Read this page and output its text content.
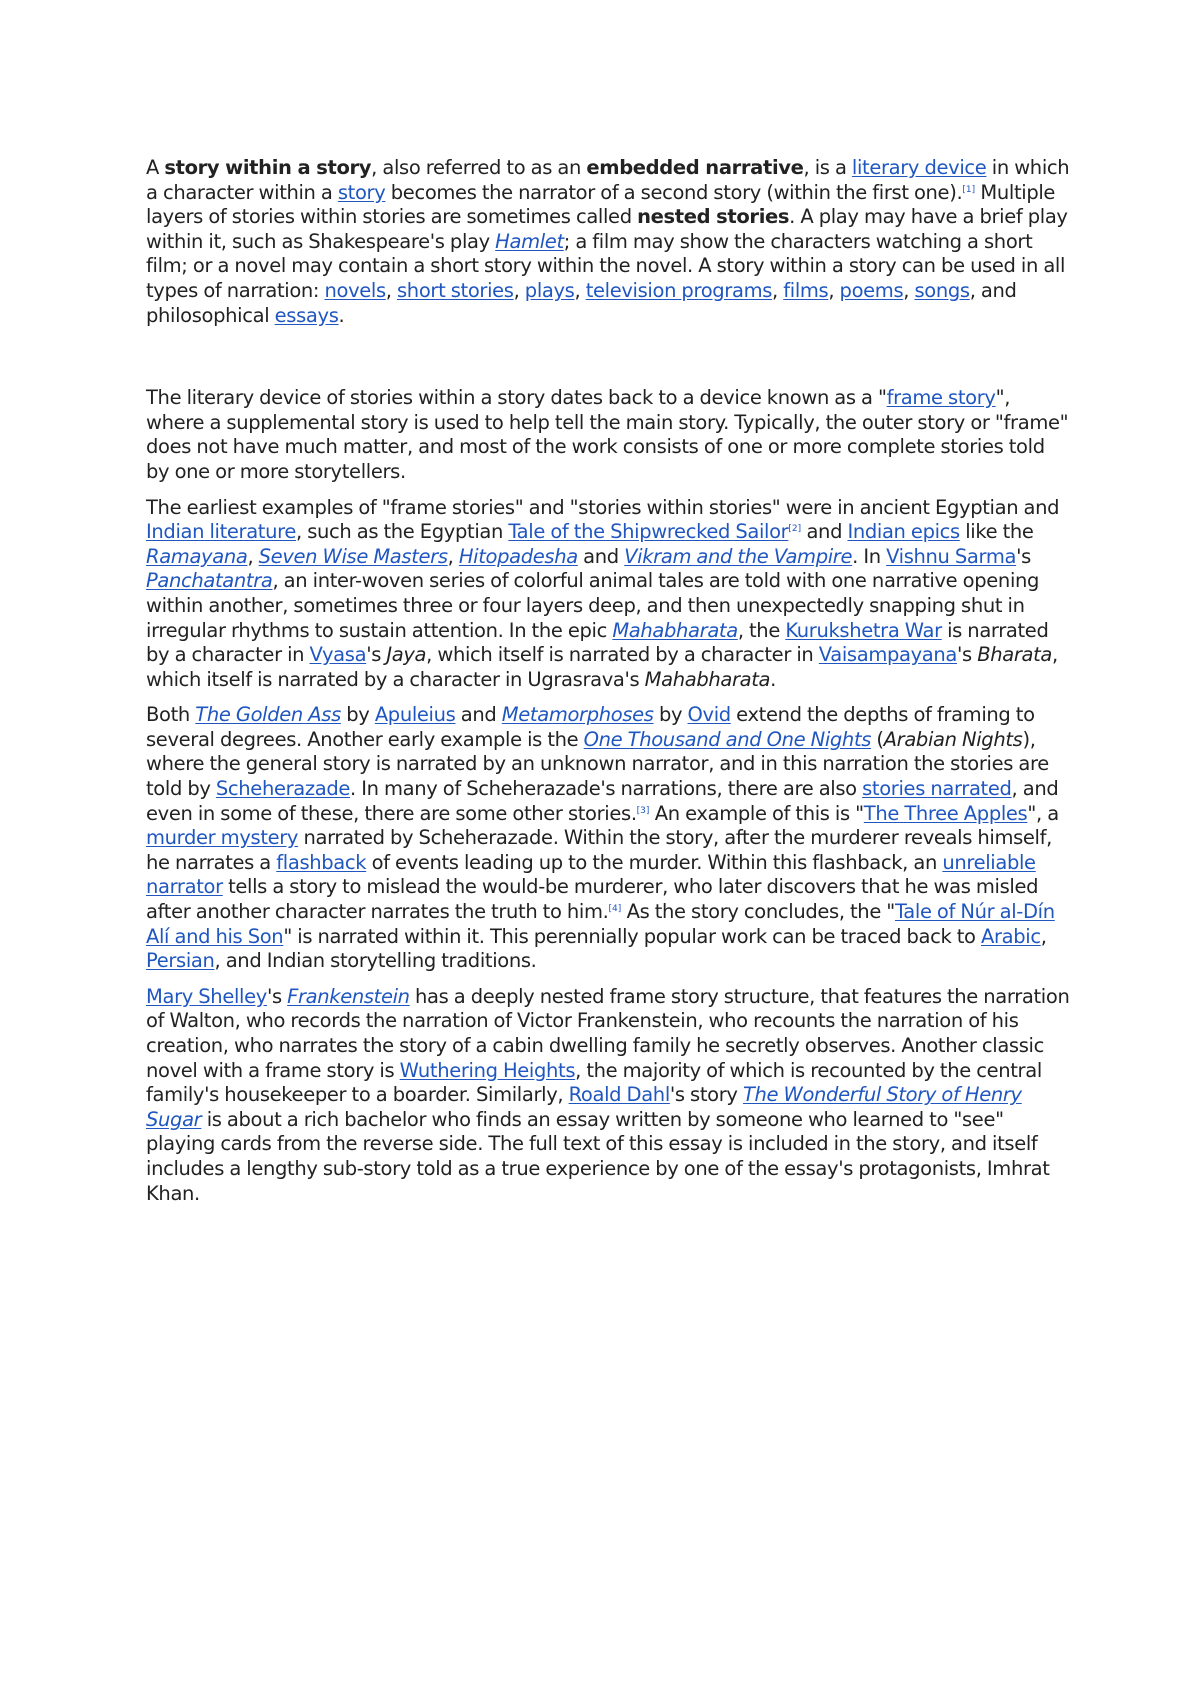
A story within a story, also referred to as an embedded narrative, is a literary device in which a character within a story becomes the narrator of a second story (within the first one).[1] Multiple layers of stories within stories are sometimes called nested stories. A play may have a brief play within it, such as Shakespeare's play Hamlet; a film may show the characters watching a short film; or a novel may contain a short story within the novel. A story within a story can be used in all types of narration: novels, short stories, plays, television programs, films, poems, songs, and philosophical essays.

The literary device of stories within a story dates back to a device known as a "frame story", where a supplemental story is used to help tell the main story. Typically, the outer story or "frame" does not have much matter, and most of the work consists of one or more complete stories told by one or more storytellers.

The earliest examples of "frame stories" and "stories within stories" were in ancient Egyptian and Indian literature, such as the Egyptian Tale of the Shipwrecked Sailor[2] and Indian epics like the Ramayana, Seven Wise Masters, Hitopadesha and Vikram and the Vampire. In Vishnu Sarma's Panchatantra, an inter-woven series of colorful animal tales are told with one narrative opening within another, sometimes three or four layers deep, and then unexpectedly snapping shut in irregular rhythms to sustain attention. In the epic Mahabharata, the Kurukshetra War is narrated by a character in Vyasa's Jaya, which itself is narrated by a character in Vaisampayana's Bharata, which itself is narrated by a character in Ugrasrava's Mahabharata.

Both The Golden Ass by Apuleius and Metamorphoses by Ovid extend the depths of framing to several degrees. Another early example is the One Thousand and One Nights (Arabian Nights), where the general story is narrated by an unknown narrator, and in this narration the stories are told by Scheherazade. In many of Scheherazade's narrations, there are also stories narrated, and even in some of these, there are some other stories.[3] An example of this is "The Three Apples", a murder mystery narrated by Scheherazade. Within the story, after the murderer reveals himself, he narrates a flashback of events leading up to the murder. Within this flashback, an unreliable narrator tells a story to mislead the would-be murderer, who later discovers that he was misled after another character narrates the truth to him.[4] As the story concludes, the "Tale of Núr al-Dín Alí and his Son" is narrated within it. This perennially popular work can be traced back to Arabic, Persian, and Indian storytelling traditions.

Mary Shelley's Frankenstein has a deeply nested frame story structure, that features the narration of Walton, who records the narration of Victor Frankenstein, who recounts the narration of his creation, who narrates the story of a cabin dwelling family he secretly observes. Another classic novel with a frame story is Wuthering Heights, the majority of which is recounted by the central family's housekeeper to a boarder. Similarly, Roald Dahl's story The Wonderful Story of Henry Sugar is about a rich bachelor who finds an essay written by someone who learned to "see" playing cards from the reverse side. The full text of this essay is included in the story, and itself includes a lengthy sub-story told as a true experience by one of the essay's protagonists, Imhrat Khan.
